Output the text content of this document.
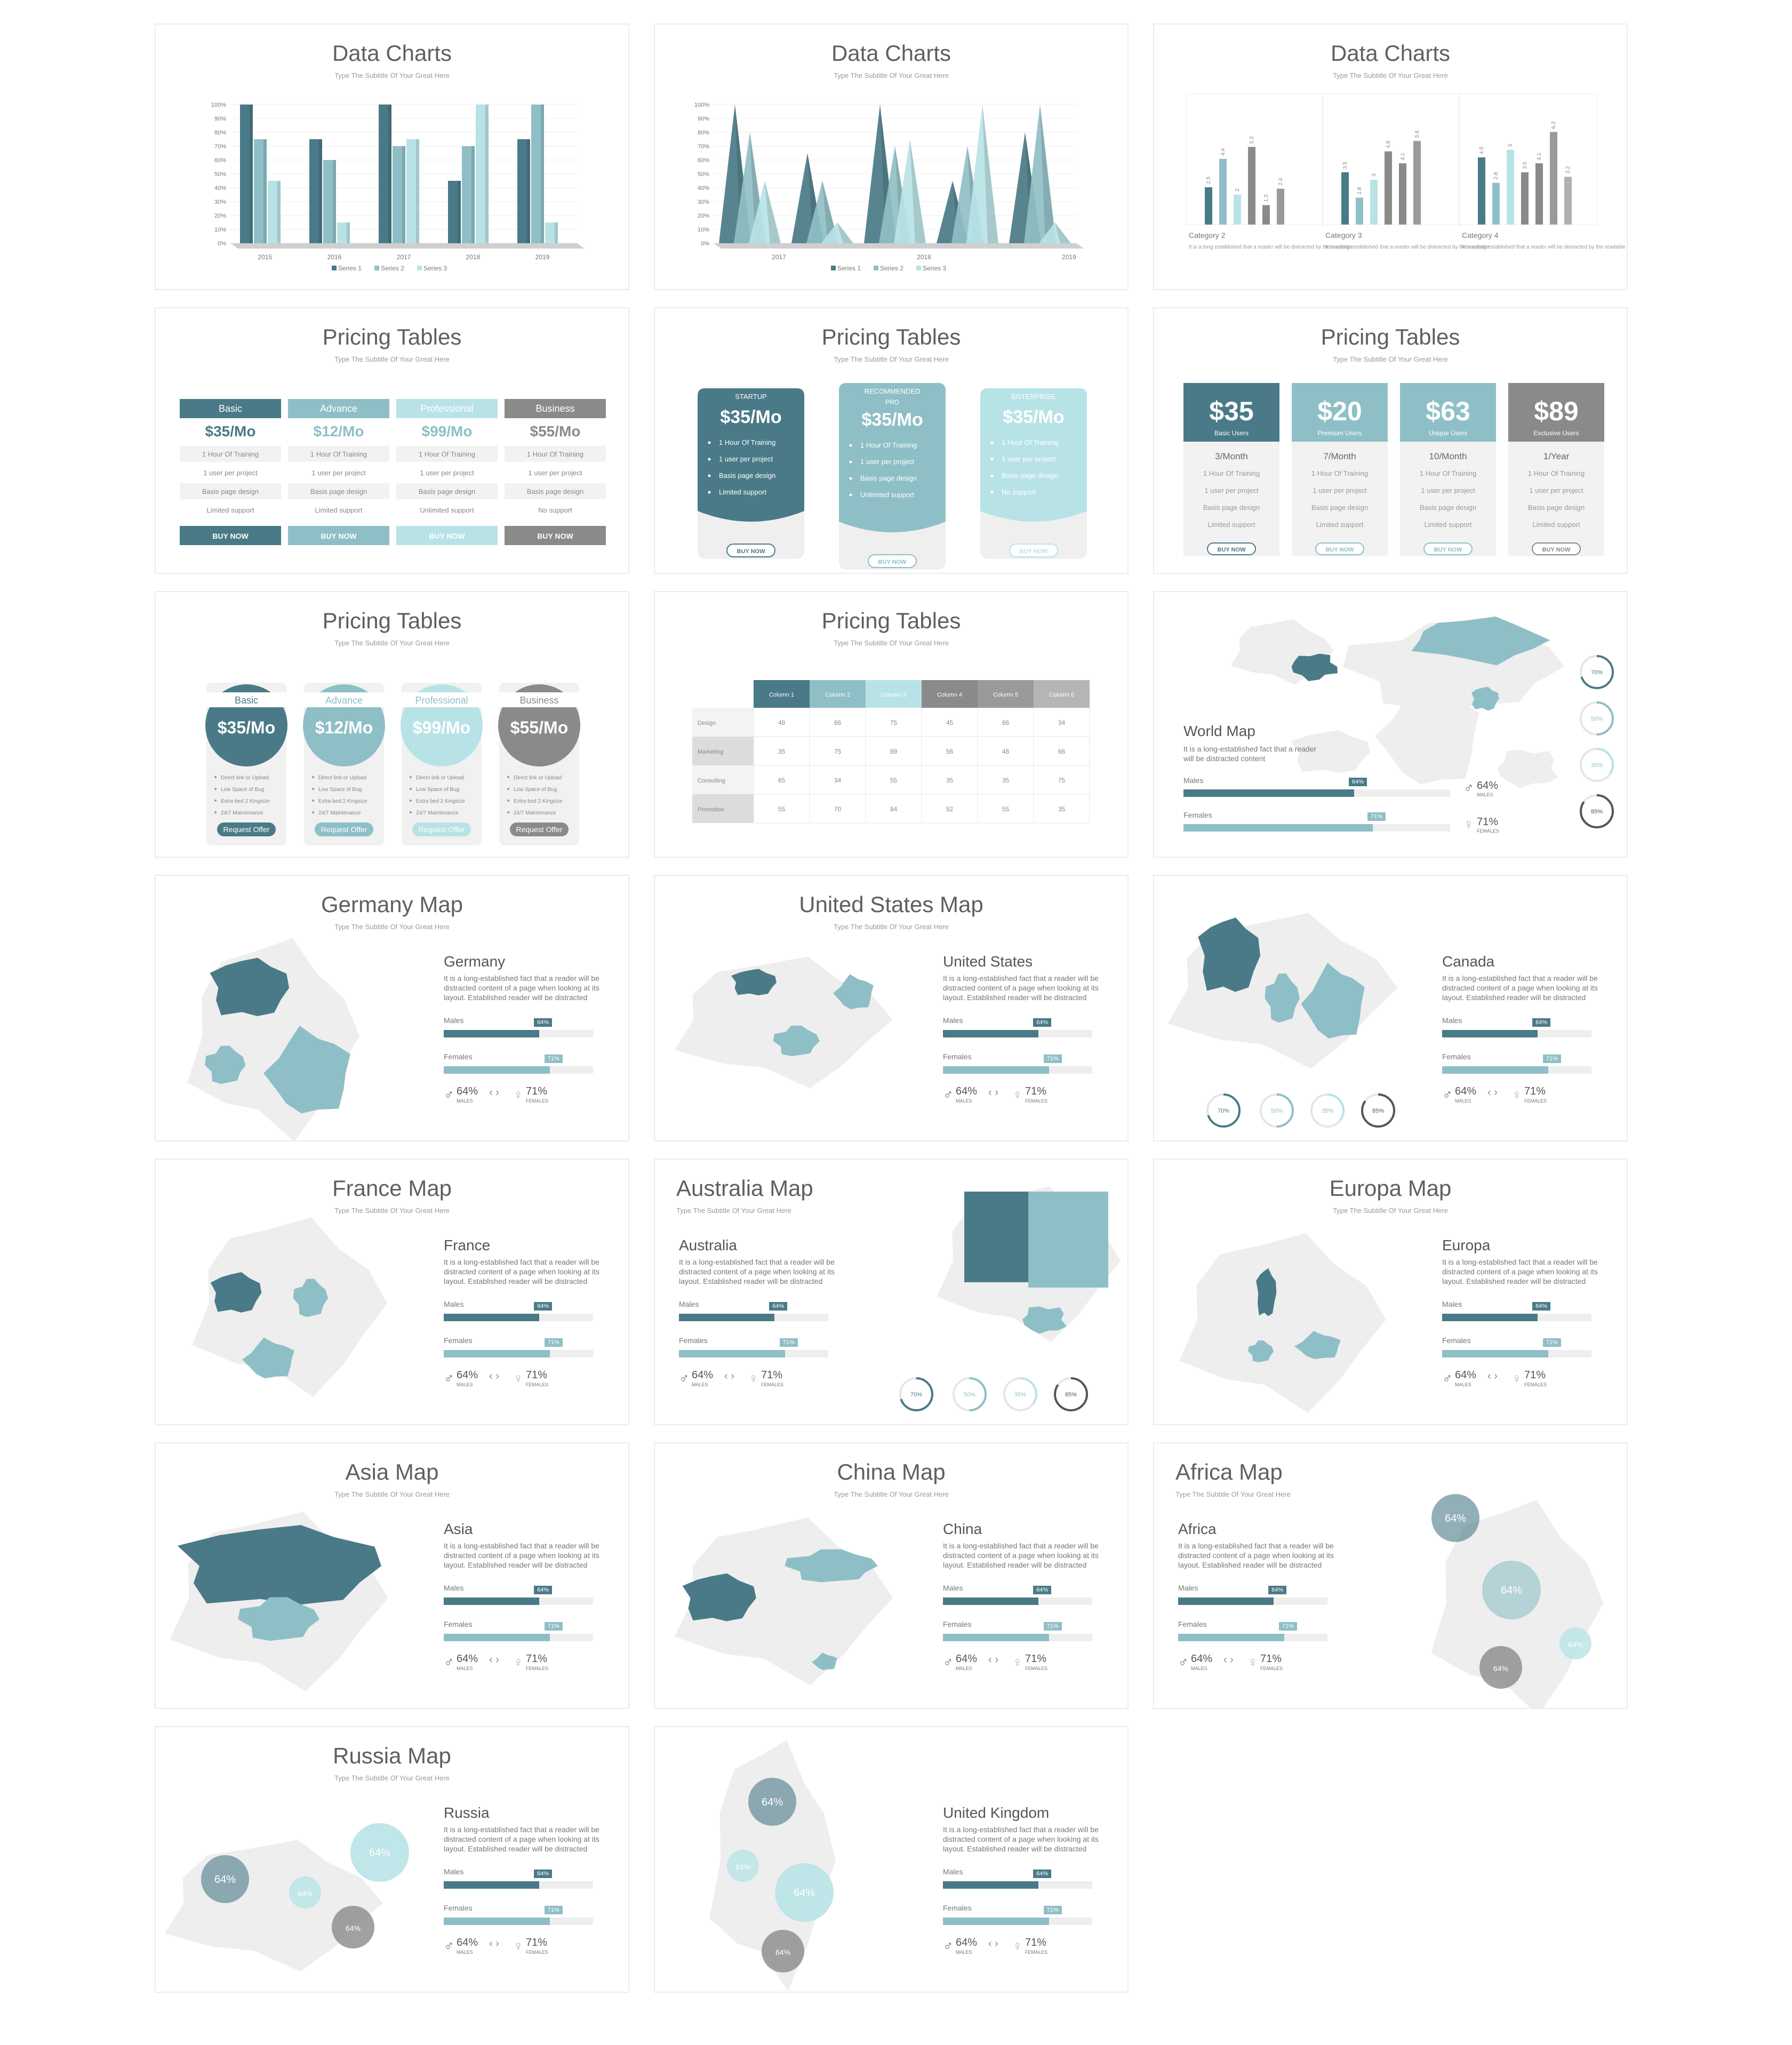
Data Charts
Type The Subtitle Of Your Great Here
100%
90%
80%
70%
60%
50%
40%
30%
20%
10%
0%
2015	2016	2017	2018	2019
Series 1	Series 2	Series 3
Data Charts
Type The Subtitle Of Your Great Here
100%
90%
80%
70%
60%
50%
40%
30%
20%
10%
0%
2017	2018	2019
Series 1	Series 2	Series 3
Data Charts
Type The Subtitle Of Your Great Here
2.5
4.4
2
5.2
1.3
2.4
Category 2
It is a long established that a reader will be distracted by the readable
3.5
1.8
3
4.9
4.1
5.6
Category 3
It is a long established that a reader will be distracted by the readable
4.5
2.8
5
3.5
4.1
6.2
3.2
Category 4
It is a long established that a reader will be distracted by the readable
Pricing Tables
Type The Subtitle Of Your Great Here
Basic
$35/Mo
1 Hour Of Training
1 user per project
Basis page design
Limited support
BUY NOW
Advance
$12/Mo
1 Hour Of Training
1 user per project
Basis page design
Limited support
BUY NOW
Professional
$99/Mo
1 Hour Of Training
1 user per project
Basis page design
Unlimited support
BUY NOW
Business
$55/Mo
1 Hour Of Training
1 user per project
Basis page design
No support
BUY NOW
Pricing Tables
Type The Subtitle Of Your Great Here
STARTUP
$35/Mo
1 Hour Of Training
1 user per project
Basis page design
Limited support
BUY NOW
RECOMMENDED
PRO
$35/Mo
1 Hour Of Training
1 user per project
Basis page design
Unlimited support
BUY NOW
ENTERPRISE
$35/Mo
1 Hour Of Training
1 user per project
Basis page design
No support
BUY NOW
Pricing Tables
Type The Subtitle Of Your Great Here
$35
Basic Users
3/Month
1 Hour Of Training
1 user per project
Basis page design
Limited support
BUY NOW
$20
Premium Users
7/Month
1 Hour Of Training
1 user per project
Basis page design
Limited support
BUY NOW
$63
Unique Users
10/Month
1 Hour Of Training
1 user per project
Basis page design
Limited support
BUY NOW
$89
Exclusive Users
1/Year
1 Hour Of Training
1 user per project
Basis page design
Limited support
BUY NOW
Pricing Tables
Type The Subtitle Of Your Great Here
Basic
$35/Mo
Direct link or Upload
Low Space of Bug
Extra bed 2 Kingsize
24/7 Maintenance
Request Offer
Advance
$12/Mo
Direct link or Upload
Low Space of Bug
Extra bed 2 Kingsize
24/7 Maintenance
Request Offer
Professional
$99/Mo
Direct link or Upload
Low Space of Bug
Extra bed 2 Kingsize
24/7 Maintenance
Request Offer
Business
$55/Mo
Direct link or Upload
Low Space of Bug
Extra bed 2 Kingsize
24/7 Maintenance
Request Offer
Pricing Tables
Type The Subtitle Of Your Great Here
Column 1	Column 2	Column 3	Column 4	Column 5	Column 6
Design	48	66	75	45	66	34
Marketing	35	75	89	56	48	66
Consulting	65	34	55	35	35	75
Promotion	55	70	84	52	55	35
70%
50%
35%
85%
World Map
It is a long-established fact that a reader will be distracted content
Males	64%
Females	71%
64%
MALES
♂
71%
FEMALES
♀
Germany Map
Type The Subtitle Of Your Great Here
Germany
It is a long-established fact that a reader will be distracted content of a page when looking at its layout. Established reader will be distracted
Males	64%
Females	71%
♂ 64%
MALES
‹ › ♀ 71%
FEMALES
United States Map
Type The Subtitle Of Your Great Here
United States
It is a long-established fact that a reader will be distracted content of a page when looking at its layout. Established reader will be distracted
Males	64%
Females	71%
♂ 64%
MALES
‹ › ♀ 71%
FEMALES
70%	50%	35%	85%
Canada
It is a long-established fact that a reader will be distracted content of a page when looking at its layout. Established reader will be distracted
Males	64%
Females	71%
♂ 64%
MALES
‹ › ♀ 71%
FEMALES
France Map
Type The Subtitle Of Your Great Here
France
It is a long-established fact that a reader will be distracted content of a page when looking at its layout. Established reader will be distracted
Males	64%
Females	71%
♂ 64%
MALES
‹ › ♀ 71%
FEMALES
Australia Map
Type The Subtitle Of Your Great Here
70%	50%	35%	85%
Australia
It is a long-established fact that a reader will be distracted content of a page when looking at its layout. Established reader will be distracted
Males	64%
Females	71%
♂ 64%
MALES
‹ › ♀ 71%
FEMALES
Europa Map
Type The Subtitle Of Your Great Here
Europa
It is a long-established fact that a reader will be distracted content of a page when looking at its layout. Established reader will be distracted
Males	64%
Females	71%
♂ 64%
MALES
‹ › ♀ 71%
FEMALES
Asia Map
Type The Subtitle Of Your Great Here
Asia
It is a long-established fact that a reader will be distracted content of a page when looking at its layout. Established reader will be distracted
Males	64%
Females	71%
♂ 64%
MALES
‹ › ♀ 71%
FEMALES
China Map
Type The Subtitle Of Your Great Here
China
It is a long-established fact that a reader will be distracted content of a page when looking at its layout. Established reader will be distracted
Males	64%
Females	71%
♂ 64%
MALES
‹ › ♀ 71%
FEMALES
Africa Map
Type The Subtitle Of Your Great Here
64%
64%
64%
64%
Africa
It is a long-established fact that a reader will be distracted content of a page when looking at its layout. Established reader will be distracted
Males	64%
Females	71%
♂ 64%
MALES
‹ › ♀ 71%
FEMALES
Russia Map
Type The Subtitle Of Your Great Here
64%
64%
64%
64%
Russia
It is a long-established fact that a reader will be distracted content of a page when looking at its layout. Established reader will be distracted
Males	64%
Females	71%
♂ 64%
MALES
‹ › ♀ 71%
FEMALES
64%
64%
64%
64%
United Kingdom
It is a long-established fact that a reader will be distracted content of a page when looking at its layout. Established reader will be distracted
Males	64%
Females	71%
♂ 64%
MALES
‹ › ♀ 71%
FEMALES
